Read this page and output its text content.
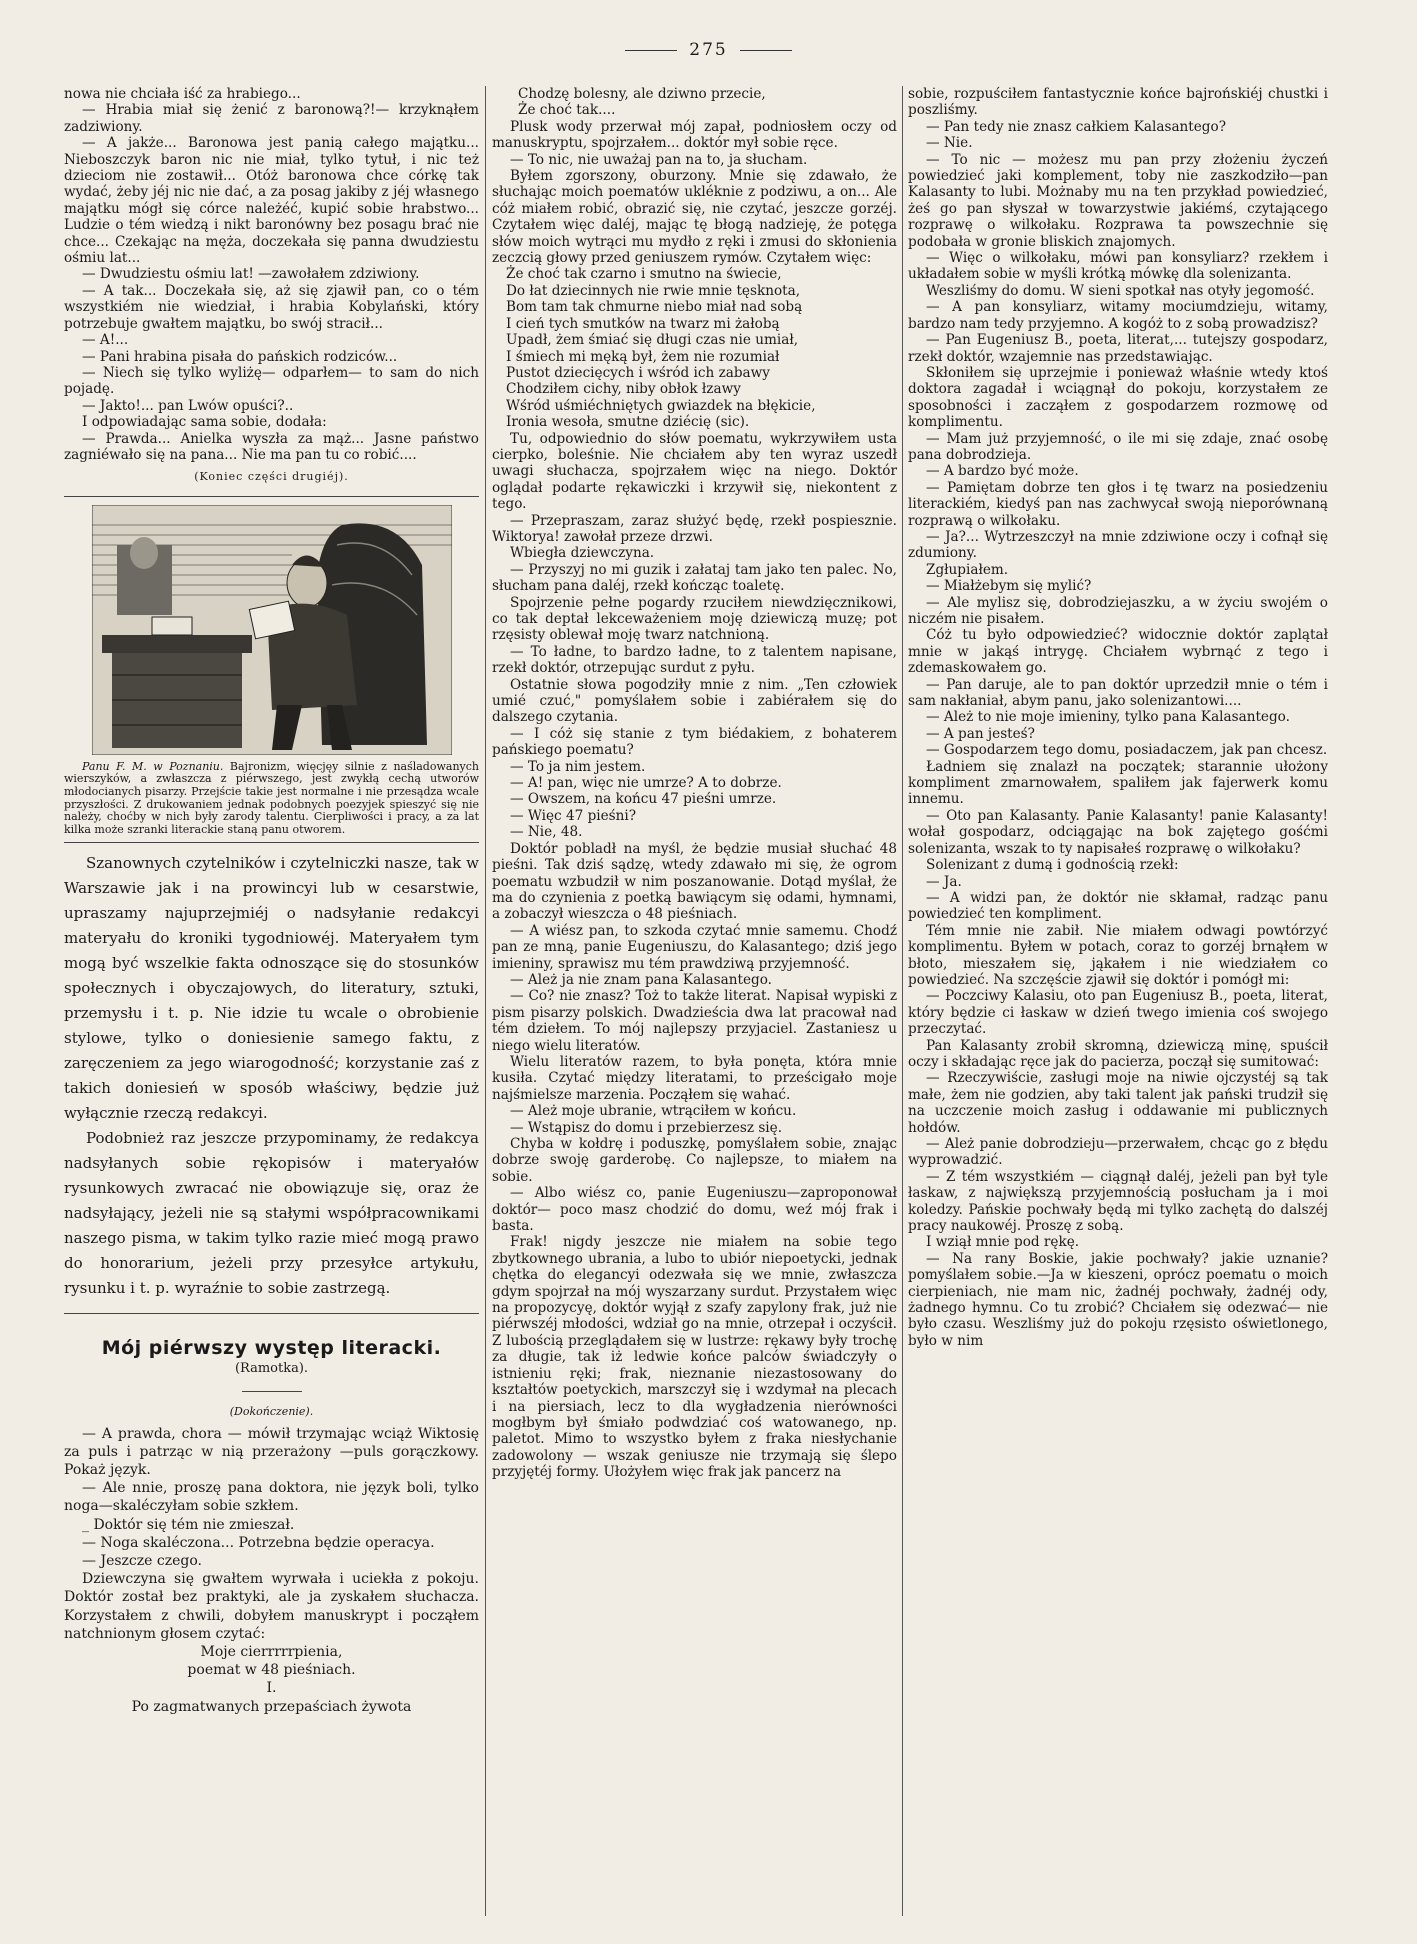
275

nowa nie chciała iść za hrabiego...

— Hrabia miał się żenić z baronową?!— krzyknąłem zadziwiony.

— A jakże... Baronowa jest panią całego majątku... Nieboszczyk baron nic nie miał, tylko tytuł, i nic też dzieciom nie zostawił... Otóż baronowa chce córkę tak wydać, żeby jéj nic nie dać, a za posag jakiby z jéj własnego majątku mógł się córce należéć, kupić sobie hrabstwo... Ludzie o tém wiedzą i nikt baronówny bez posagu brać nie chce... Czekając na męża, doczekała się panna dwudziestu ośmiu lat...

— Dwudziestu ośmiu lat! —zawołałem zdziwiony.

— A tak... Doczekała się, aż się zjawił pan, co o tém wszystkiém nie wiedział, i hrabia Kobylański, który potrzebuje gwałtem majątku, bo swój stracił...

— A!...

— Pani hrabina pisała do pańskich rodziców...

— Niech się tylko wyliżę— odparłem— to sam do nich pojadę.

— Jakto!... pan Lwów opuści?..

I odpowiadając sama sobie, dodała:

— Prawda... Anielka wyszła za mąż... Jasne państwo zagniéwało się na pana... Nie ma pan tu co robić....

(Koniec części drugiéj).

Panu F. M. w Poznaniu. Bajronizm, więcjęy silnie z naśladowanych wierszyków, a zwłaszcza z piérwszego, jest zwykłą cechą utworów młodocianych pisarzy. Przejście takie jest normalne i nie przesądza wcale przyszłości. Z drukowaniem jednak podobnych poezyjek spieszyć się nie należy, choćby w nich były zarody talentu. Cierpliwości i pracy, a za lat kilka może szranki literackie staną panu otworem.

Szanownych czytelników i czytelniczki nasze, tak w Warszawie jak i na prowincyi lub w cesarstwie, upraszamy najuprzejmiéj o nadsyłanie redakcyi materyału do kroniki tygodniowéj. Materyałem tym mogą być wszelkie fakta odnoszące się do stosunków społecznych i obyczajowych, do literatury, sztuki, przemysłu i t. p. Nie idzie tu wcale o obrobienie stylowe, tylko o doniesienie samego faktu, z zaręczeniem za jego wiarogodność; korzystanie zaś z takich doniesień w sposób właściwy, będzie już wyłącznie rzeczą redakcyi.

Podobnież raz jeszcze przypominamy, że redakcya nadsyłanych sobie rękopisów i materyałów rysunkowych zwracać nie obowiązuje się, oraz że nadsyłający, jeżeli nie są stałymi współpracownikami naszego pisma, w takim tylko razie mieć mogą prawo do honorarium, jeżeli przy przesyłce artykułu, rysunku i t. p. wyraźnie to sobie zastrzegą.

Mój piérwszy występ literacki.
(Ramotka).
(Dokończenie).

— A prawda, chora — mówił trzymając wciąż Wiktosię za puls i patrząc w nią przerażony —puls gorączkowy. Pokaż język.

— Ale nnie, proszę pana doktora, nie język boli, tylko noga—skaléczyłam sobie szkłem.

_ Doktór się tém nie zmieszał.

— Noga skaléczona... Potrzebna będzie operacya.

— Jeszcze czego.

Dziewczyna się gwałtem wyrwała i uciekła z pokoju. Doktór został bez praktyki, ale ja zyskałem słuchacza. Korzystałem z chwili, dobyłem manuskrypt i począłem natchnionym głosem czytać:

Moje cierrrrrpienia,

poemat w 48 pieśniach.

I.

Po zagmatwanych przepaściach żywota

Chodzę bolesny, ale dziwno przecie,

Że choć tak....

Plusk wody przerwał mój zapał, podniosłem oczy od manuskryptu, spojrzałem... doktór mył sobie ręce.

— To nic, nie uważaj pan na to, ja słucham.

Byłem zgorszony, oburzony. Mnie się zdawało, że słuchając moich poematów ukléknie z podziwu, a on... Ale cóż miałem robić, obrazić się, nie czytać, jeszcze gorzéj. Czytałem więc daléj, mając tę błogą nadzieję, że potęga słów moich wytrąci mu mydło z ręki i zmusi do skłonienia zeczcią głowy przed geniuszem rymów. Czytałem więc:

Że choć tak czarno i smutno na świecie,

Do łat dziecinnych nie rwie mnie tęsknota,

Bom tam tak chmurne niebo miał nad sobą

I cień tych smutków na twarz mi żałobą

Upadł, żem śmiać się długi czas nie umiał,

I śmiech mi męką był, żem nie rozumiał

Pustot dziecięcych i wśród ich zabawy

Chodziłem cichy, niby obłok łzawy

Wśród uśmiéchniętych gwiazdek na błękicie,

Ironia wesoła, smutne dziécię (sic).

Tu, odpowiednio do słów poematu, wykrzywiłem usta cierpko, boleśnie. Nie chciałem aby ten wyraz uszedł uwagi słuchacza, spojrzałem więc na niego. Doktór oglądał podarte rękawiczki i krzywił się, niekontent z tego.

— Przepraszam, zaraz służyć będę, rzekł pospiesznie. Wiktorya! zawołał przeze drzwi.

Wbiegła dziewczyna.

— Przyszyj no mi guzik i załataj tam jako ten palec. No, słucham pana daléj, rzekł kończąc toaletę.

Spojrzenie pełne pogardy rzuciłem niewdzięcznikowi, co tak deptał lekceważeniem moję dziewiczą muzę; pot rzęsisty oblewał moję twarz natchnioną.

— To ładne, to bardzo ładne, to z talentem napisane, rzekł doktór, otrzepując surdut z pyłu.

Ostatnie słowa pogodziły mnie z nim. „Ten człowiek umié czuć," pomyślałem sobie i zabiérałem się do dalszego czytania.

— I cóż się stanie z tym biédakiem, z bohaterem pańskiego poematu?

— To ja nim jestem.

— A! pan, więc nie umrze? A to dobrze.

— Owszem, na końcu 47 pieśni umrze.

— Więc 47 pieśni?

— Nie, 48.

Doktór pobladł na myśl, że będzie musiał słuchać 48 pieśni. Tak dziś sądzę, wtedy zdawało mi się, że ogrom poematu wzbudził w nim poszanowanie. Dotąd myślał, że ma do czynienia z poetką bawiącym się odami, hymnami, a zobaczył wieszcza o 48 pieśniach.

— A wiész pan, to szkoda czytać mnie samemu. Chodź pan ze mną, panie Eugeniuszu, do Kalasantego; dziś jego imieniny, sprawisz mu tém prawdziwą przyjemność.

— Ależ ja nie znam pana Kalasantego.

— Co? nie znasz? Toż to także literat. Napisał wypiski z pism pisarzy polskich. Dwadzieścia dwa lat pracował nad tém dziełem. To mój najlepszy przyjaciel. Zastaniesz u niego wielu literatów.

Wielu literatów razem, to była ponęta, która mnie kusiła. Czytać międ​zy literatami, to prześcigało moje najśmielsze marzenia. Począłem się wahać.

— Ależ moje ubranie, wtrąciłem w końcu.

— Wstąpisz do domu i przebierzesz się.

Chyba w kołdrę i poduszkę, pomyślałem sobie, znając dobrze swoję garderobę. Co najlepsze, to miałem na sobie.

— Albo wiész co, panie Eugeniuszu—zaproponował doktór— poco masz chodzić do domu, weź mój frak i basta.

Frak! nigdy jeszcze nie miałem na sobie tego zbytkownego ubrania, a lubo to ubiór niepoetycki, jednak chętka do elegancyi odezwała się we mnie, zwłaszcza gdym spojrzał na mój wyszarzany surdut. Przystałem więc na propozycyę, doktór wyjął z szafy zapylony frak, już nie piérwszéj młodości, wdział go na mnie, otrzepał i oczyścił. Z lubością przeglądałem się w lustrze: rękawy były trochę za długie, tak iż ledwie końce palców świadczyły o istnieniu ręki; frak, nieznanie niezastosowany do kształtów poetyckich, marszczył się i wzdymał na plecach i na piersiach, lecz to dla wygładzenia nierówności mogłbym był śmiało podwdziać coś watowanego, np. paletot. Mimo to wszystko byłem z fraka niesłychanie zadowolony — wszak geniusze nie trzymają się ślepo przyjętéj formy. Ułożyłem więc frak jak pancerz na

sobie, rozpuściłem fantastycznie końce bajrońskiéj chustki i poszliśmy.

— Pan tedy nie znasz całkiem Kalasantego?

— Nie.

— To nic — możesz mu pan przy złożeniu życzeń powiedzieć jaki komplement, toby nie zaszkodziło—pan Kalasanty to lubi. Możnaby mu na ten przykład powiedzieć, żeś go pan słyszał w towarzystwie jakiémś, czytającego rozprawę o wilkołaku. Rozprawa ta powszechnie się podobała w gronie bliskich znajomych.

— Więc o wilkołaku, mówi pan konsyliarz? rzekłem i układałem sobie w myśli krótką mówkę dla solenizanta.

Weszliśmy do domu. W sieni spotkał nas otyły jegomość.

— A pan konsyliarz, witamy mociumdzieju, witamy, bardzo nam tedy przyjemno. A kogóż to z sobą prowadzisz?

— Pan Eugeniusz B., poeta, literat,... tutejszy gospodarz, rzekł doktór, wzajemnie nas przedstawiając.

Skłoniłem się uprzejmie i ponieważ właśnie wtedy ktoś doktora zagadał i wciągnął do pokoju, korzystałem ze sposobności i zacząłem z gospodarzem rozmowę od komplimentu.

— Mam już przyjemność, o ile mi się zdaje, znać osobę pana dobrodzieja.

— A bardzo być może.

— Pamiętam dobrze ten głos i tę twarz na posiedzeniu literackiém, kiedyś pan nas zachwycał swoją nieporównaną rozprawą o wilkołaku.

— Ja?... Wytrzeszczył na mnie zdziwione oczy i cofnął się zdumiony.

Zgłupiałem.

— Miałżebym się mylić?

— Ale mylisz się, dobrodziejaszku, a w życiu swojém o niczém nie pisałem.

Cóż tu było odpowiedzieć? widocznie doktór zaplątał mnie w jakąś intrygę. Chciałem wybrnąć z tego i zdemaskowałem go.

— Pan daruje, ale to pan doktór uprzedził mnie o tém i sam nakłaniał, abym panu, jako solenizantowi....

— Ależ to nie moje imieniny, tylko pana Kalasantego.

— A pan jesteś?

— Gospodarzem tego domu, posiadaczem, jak pan chcesz.

Ładniem się znalazł na początek; starannie ułożony kompliment zmarnowałem, spaliłem jak fajerwerk komu innemu.

— Oto pan Kalasanty. Panie Kalasanty! panie Kalasanty! wołał gospodarz, odciągając na bok zajętego gośćmi solenizanta, wszak to ty napisałeś rozprawę o wilkołaku?

Solenizant z dumą i godnością rzekł:

— Ja.

— A widzi pan, że doktór nie skłamał, radząc panu powiedzieć ten kompliment.

Tém mnie nie zabił. Nie miałem odwagi powtórzyć komplimentu. Byłem w potach, coraz to gorzéj brnąłem w błoto, mieszałem się, jąkałem i nie wiedziałem co powiedzieć. Na szczęście zjawił się doktór i pomógł mi:

— Poczciwy Kalasiu, oto pan Eugeniusz B., poeta, literat, który będzie ci łaskaw w dzień twego imienia coś swojego przeczytać.

Pan Kalasanty zrobił skromną, dziewiczą minę, spuścił oczy i składając ręce jak do pacierza, począł się sumitować:

— Rzeczywiście, zasługi moje na niwie ojczystéj są tak małe, żem nie godzien, aby taki talent jak pański trudził się na uczczenie moich zasług i oddawanie mi publicznych hołdów.

— Ależ panie dobrodzieju—przerwałem, chcąc go z błędu wyprowadzić.

— Z tém wszystkiém — ciągnął daléj, jeżeli pan był tyle łaskaw, z największą przyjemnością posłucham ja i moi koledzy. Pańskie pochwały będą mi tylko zachętą do dalszéj pracy naukowéj. Proszę z sobą.

I wziął mnie pod rękę.

— Na rany Boskie, jakie pochwały? jakie uznanie? pomyślałem sobie.—Ja w kieszeni, oprócz poematu o moich cierpieniach, nie mam nic, żadnéj pochwały, żadnéj ody, żadnego hymnu. Co tu zrobić? Chciałem się odezwać— nie było czasu. Weszliśmy już do pokoju rzęsisto oświetlonego, było w nim
